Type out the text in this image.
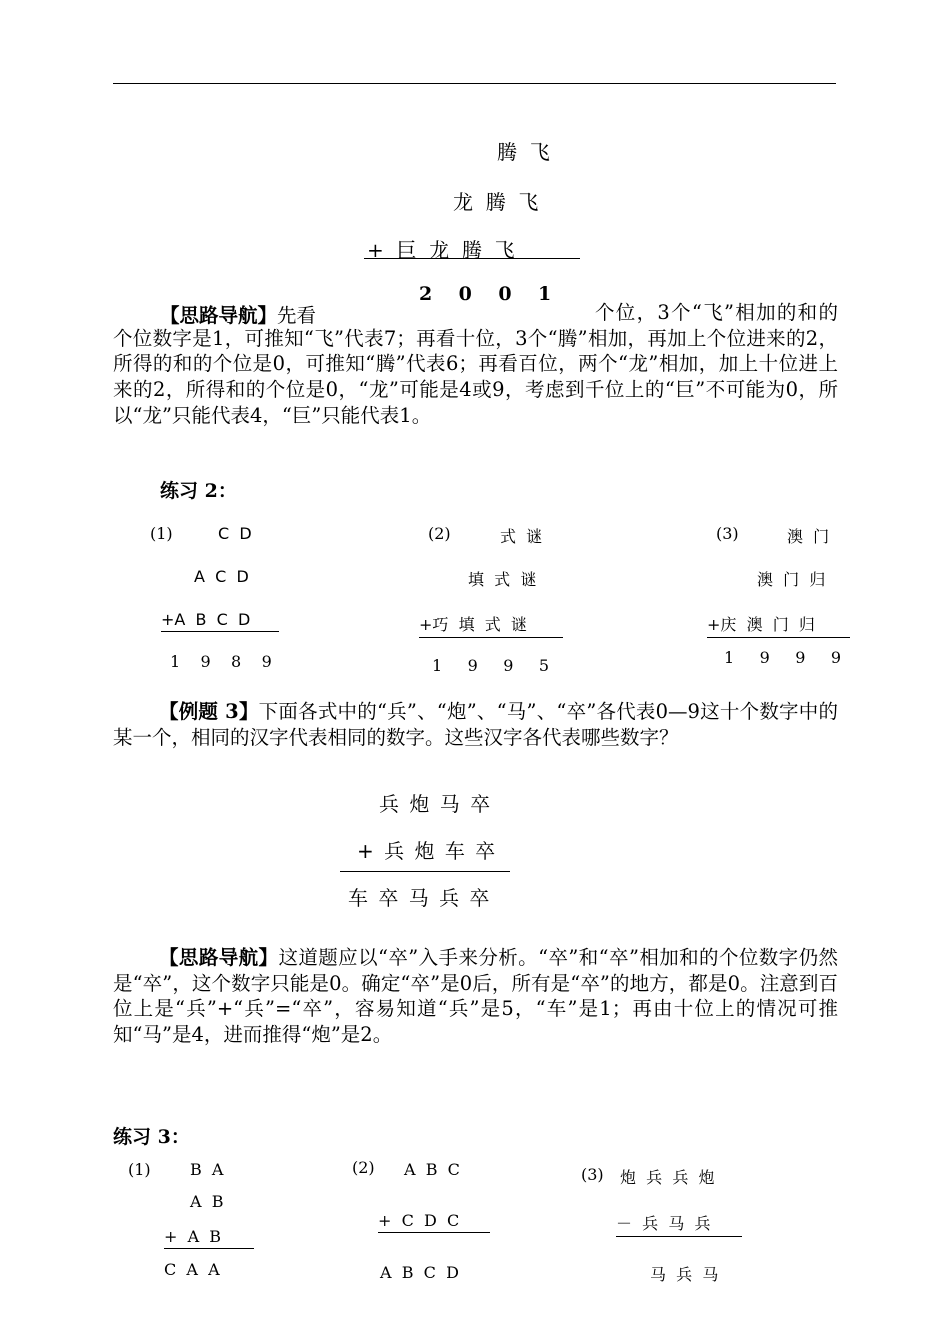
腾  飞
龙  腾  飞
+  巨  龙  腾  飞
2    0    0    1
【思路导航】先看	个位，3个“飞”相加的和的个位数字是1，可推知“飞”代表7；再看十位，3个“腾”相加，再加上个位进来的2，所得的和的个位是0，可推知“腾”代表6；再看百位，两个“龙”相加，加上十位进上来的2，所得和的个位是0，“龙”可能是4或9，考虑到千位上的“巨”不可能为0，所以“龙”只能代表4，“巨”只能代表1。
练习 2：
(1)	C  D
A  C  D
+A  B  C  D
1    9    8    9
(2)	式  谜
填  式  谜
+巧  填  式  谜
1     9     9     5
(3)	澳  门
澳  门  归
+庆  澳  门  归
1     9     9     9
【例题 3】下面各式中的“兵”、“炮”、“马”、“卒”各代表0—9这十个数字中的某一个，相同的汉字代表相同的数字。这些汉字各代表哪些数字？
兵 炮 马 卒
+ 兵 炮 车 卒
车 卒 马 兵 卒
【思路导航】这道题应以“卒”入手来分析。“卒”和“卒”相加和的个位数字仍然是“卒”，这个数字只能是0。确定“卒”是0后，所有是“卒”的地方，都是0。注意到百位上是“兵”+“兵”=“卒”，容易知道“兵”是5，“车”是1；再由十位上的情况可推知“马”是4，进而推得“炮”是2。
练习 3：
(1) B  A
A  B
+  A  B
C  A  A
(2) A  B  C
+  C  D  C
A  B  C  D
(3) 炮  兵  兵  炮
－  兵  马  兵
马  兵  马
